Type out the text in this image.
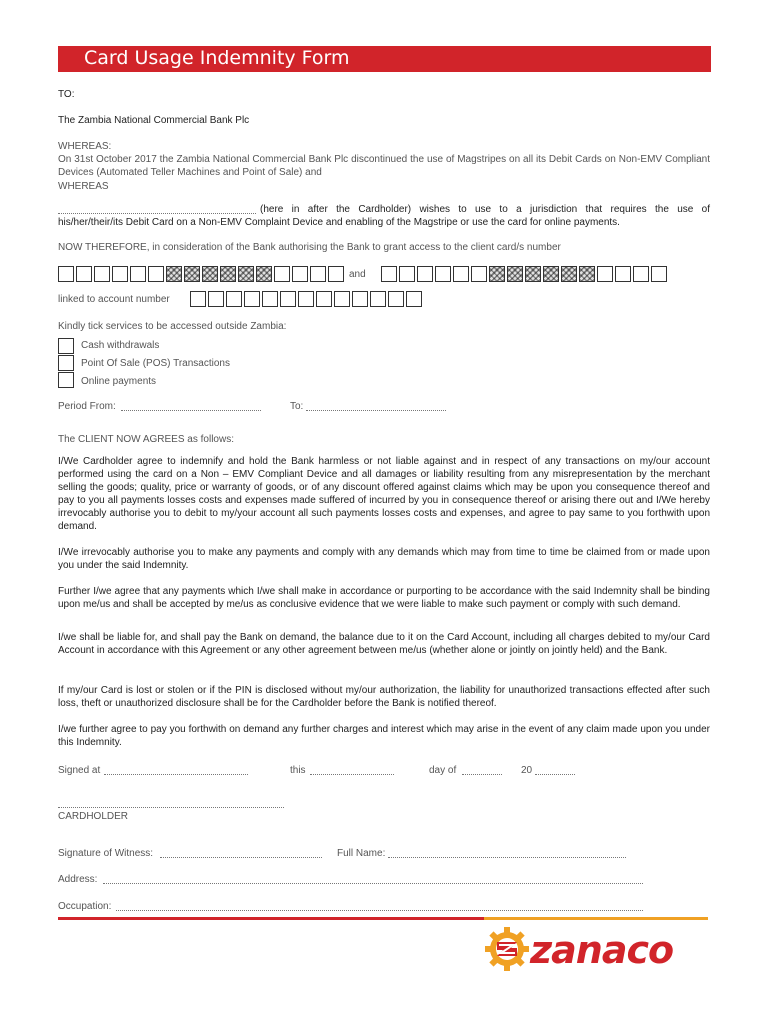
Card Usage Indemnity Form
TO:
The Zambia National Commercial Bank Plc
WHEREAS:
On 31st October 2017 the Zambia National Commercial Bank Plc discontinued the use of Magstripes on all its Debit Cards on Non-EMV Compliant Devices (Automated Teller Machines and Point of Sale) and
WHEREAS
(here in after the Cardholder) wishes to use to a jurisdiction that requires the use of
his/her/their/its Debit Card on a Non-EMV Complaint Device and enabling of the Magstripe or use the card for online payments.
NOW THEREFORE, in consideration of the Bank authorising the Bank to grant access to the client card/s number
and
linked to account number
Kindly tick services to be accessed outside Zambia:
Cash withdrawals
Point Of Sale (POS) Transactions
Online payments
Period From:	To:
The CLIENT NOW AGREES as follows:
I/We Cardholder agree to indemnify and hold the Bank harmless or not liable against and in respect of any transactions on my/our account performed using the card on a Non – EMV Compliant Device and all damages or liability resulting from any misrepresentation by the merchant selling the goods; quality, price or warranty of goods, or of any discount offered against claims which may be upon you consequence thereof and pay to you all payments losses costs and expenses made suffered of incurred by you in consequence thereof or arising there out and I/We hereby irrevocably authorise you to debit to my/your account all such payments losses costs and expenses, and agree to pay same to you forthwith upon demand.
I/We irrevocably authorise you to make any payments and comply with any demands which may from time to time be claimed from or made upon you under the said Indemnity.
Further I/we agree that any payments which I/we shall make in accordance or purporting to be accordance with the said Indemnity shall be binding upon me/us and shall be accepted by me/us as conclusive evidence that we were liable to make such payment or comply with such demand.
I/we shall be liable for, and shall pay the Bank on demand, the balance due to it on the Card Account, including all charges debited to my/our Card Account in accordance with this Agreement or any other agreement between me/us (whether alone or jointly on jointly held) and the Bank.
If my/our Card is lost or stolen or if the PIN is disclosed without my/our authorization, the liability for unauthorized transactions effected after such loss, theft or unauthorized disclosure shall be for the Cardholder before the Bank is notified thereof.
I/we further agree to pay you forthwith on demand any further charges and interest which may arise in the event of any claim made upon you under this Indemnity.
Signed at	this	day of	20
CARDHOLDER
Signature of Witness:	Full Name:
Address:
Occupation:
zanaco
